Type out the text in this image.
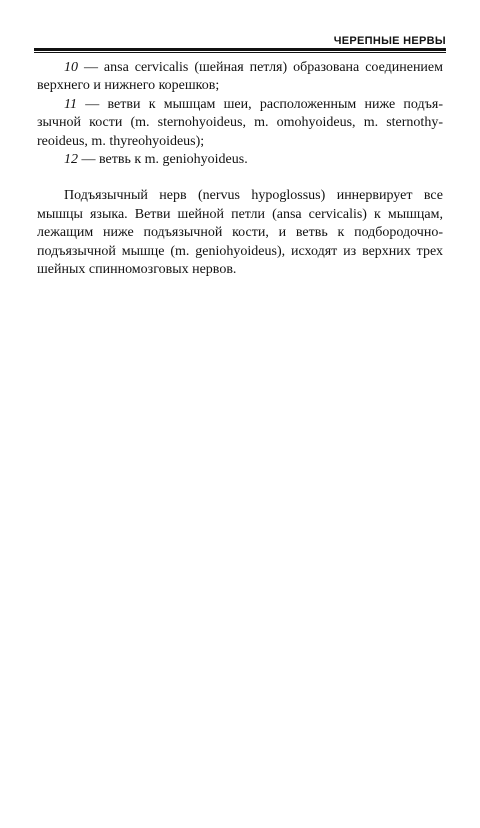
ЧЕРЕПНЫЕ НЕРВЫ

10 — ansa cervicalis (шейная петля) образована соединением верхнего и нижнего корешков;

11 — ветви к мышцам шеи, расположенным ниже подъязычной кости (m. sternohyoideus, m. omohyoideus, m. sternothyreoideus, m. thyreohyoideus);

12 — ветвь к m. geniohyoideus.

Подъязычный нерв (nervus hypoglossus) иннервирует все мышцы языка. Ветви шейной петли (ansa cervicalis) к мышцам, лежащим ниже подъязычной кости, и ветвь к подбородочноподъязычной мышце (m. geniohyoideus), исходят из верхних трех шейных спинномозговых нервов.
